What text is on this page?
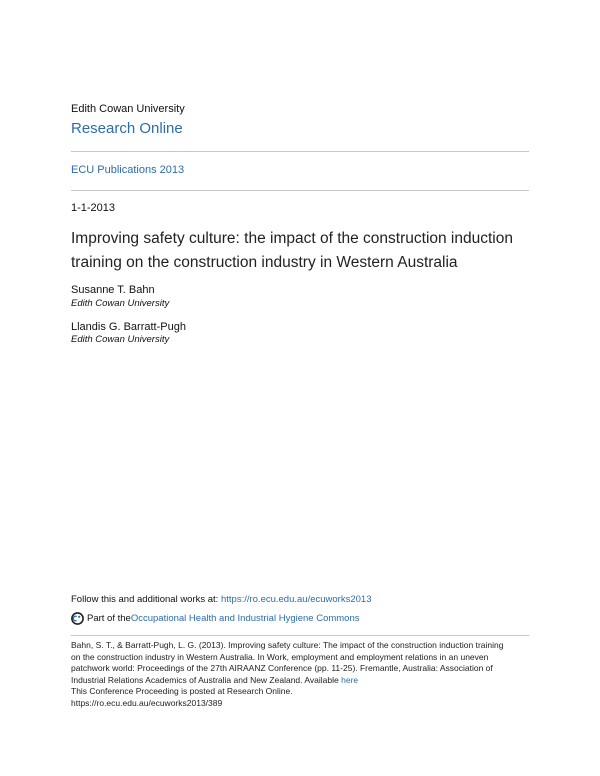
Edith Cowan University
Research Online
ECU Publications 2013
1-1-2013
Improving safety culture: the impact of the construction induction training on the construction industry in Western Australia
Susanne T. Bahn
Edith Cowan University
Llandis G. Barratt-Pugh
Edith Cowan University
Follow this and additional works at: https://ro.ecu.edu.au/ecuworks2013
Part of the Occupational Health and Industrial Hygiene Commons
Bahn, S. T., & Barratt-Pugh, L. G. (2013). Improving safety culture: The impact of the construction induction training
on the construction industry in Western Australia. In Work, employment and employment relations in an uneven
patchwork world: Proceedings of the 27th AIRAANZ Conference (pp. 11-25). Fremantle, Australia: Association of
Industrial Relations Academics of Australia and New Zealand. Available here
This Conference Proceeding is posted at Research Online.
https://ro.ecu.edu.au/ecuworks2013/389
